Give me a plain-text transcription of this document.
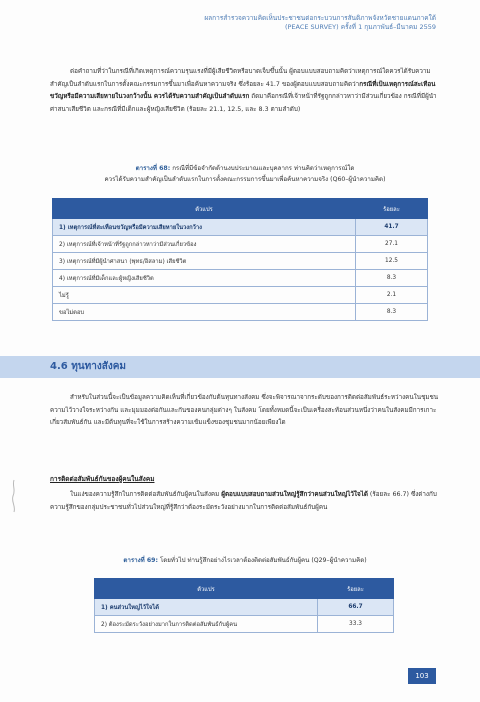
ผลการสำรวจความคิดเห็นประชาชนต่อกระบวนการสันติภาพจังหวัดชายแดนภาคใต้
(PEACE SURVEY) ครั้งที่ 1 กุมภาพันธ์–มีนาคม 2559
ต่อคำถามที่ว่าในกรณีที่เกิดเหตุการณ์ความรุนแรงที่มีผู้เสียชีวิตหรือบาดเจ็บขึ้นนั้น ผู้ตอบแบบสอบถามคิดว่าเหตุการณ์ใดควรได้รับความสำคัญเป็นลำดับแรกในการตั้งคณะกรรมการขึ้นมาเพื่อค้นหาความจริง ซึ่งร้อยละ 41.7 ของผู้ตอบแบบสอบถามคิดว่ากรณีที่เป็นเหตุการณ์สะเทือนขวัญหรือมีความเสียหายในวงกว้างนั้น ควรได้รับความสำคัญเป็นลำดับแรก ถัดมาคือกรณีที่เจ้าหน้าที่รัฐถูกกล่าวหาว่ามีส่วนเกี่ยวข้อง กรณีที่มีผู้นำศาสนาเสียชีวิต และกรณีที่มีเด็กและผู้หญิงเสียชีวิต (ร้อยละ 21.1, 12.5, และ 8.3 ตามลำดับ)
ตารางที่ 68: กรณีที่มีข้อจำกัดด้านงบประมาณและบุคลากร ท่านคิดว่าเหตุการณ์ใด
ควรได้รับความสำคัญเป็นลำดับแรกในการตั้งคณะกรรมการขึ้นมาเพื่อค้นหาความจริง (Q60–ผู้นำความคิด)
ตัวแปร	ร้อยละ
1) เหตุการณ์ที่สะเทือนขวัญหรือมีความเสียหายในวงกว้าง	41.7
2) เหตุการณ์ที่เจ้าหน้าที่รัฐถูกกล่าวหาว่ามีส่วนเกี่ยวข้อง	27.1
3) เหตุการณ์ที่มีผู้นำศาสนา (พุทธ/อิสลาม) เสียชีวิต	12.5
4) เหตุการณ์ที่มีเด็กและผู้หญิงเสียชีวิต	8.3
ไม่รู้	2.1
ขอไม่ตอบ	8.3
4.6 ทุนทางสังคม
สำหรับในส่วนนี้จะเป็นข้อมูลความคิดเห็นที่เกี่ยวข้องกับต้นทุนทางสังคม ซึ่งจะพิจารณาจากระดับของการติดต่อสัมพันธ์ระหว่างคนในชุมชน ความไว้วางใจระหว่างกัน และมุมมองต่อกันและกันของคนกลุ่มต่างๆ ในสังคม โดยทั้งหมดนี้จะเป็นเครื่องสะท้อนส่วนหนึ่งว่าคนในสังคมมีการเกาะเกี่ยวสัมพันธ์กัน และมีต้นทุนที่จะใช้ในการสร้างความเข้มแข็งของชุมชนมากน้อยเพียงใด
การติดต่อสัมพันธ์กันของผู้คนในสังคม
ในแง่ของความรู้สึกในการติดต่อสัมพันธ์กับผู้คนในสังคม ผู้ตอบแบบสอบถามส่วนใหญ่รู้สึกว่าคนส่วนใหญ่ไว้ใจได้ (ร้อยละ 66.7) ซึ่งต่างกับความรู้สึกของกลุ่มประชาชนทั่วไปส่วนใหญ่ที่รู้สึกว่าต้องระมัดระวังอย่างมากในการติดต่อสัมพันธ์กับผู้คน
ตารางที่ 69: โดยทั่วไป ท่านรู้สึกอย่างไรเวลาต้องติดต่อสัมพันธ์กับผู้คน (Q29–ผู้นำความคิด)
ตัวแปร	ร้อยละ
1) คนส่วนใหญ่ไว้ใจได้	66.7
2) ต้องระมัดระวังอย่างมากในการติดต่อสัมพันธ์กับผู้คน	33.3
103
